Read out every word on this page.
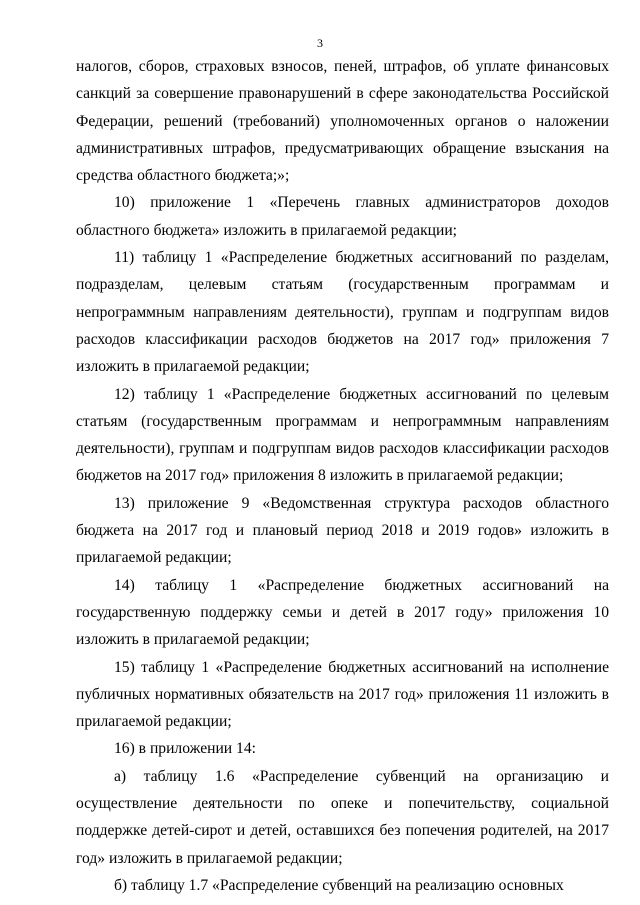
3

налогов, сборов, страховых взносов, пеней, штрафов, об уплате финансовых санкций за совершение правонарушений в сфере законодательства Российской Федерации, решений (требований) уполномоченных органов о наложении административных штрафов, предусматривающих обращение взыскания на средства областного бюджета;»;

10) приложение 1 «Перечень главных администраторов доходов областного бюджета» изложить в прилагаемой редакции;

11) таблицу 1 «Распределение бюджетных ассигнований по разделам, подразделам, целевым статьям (государственным программам и непрограммным направлениям деятельности), группам и подгруппам видов расходов классификации расходов бюджетов на 2017 год» приложения 7 изложить в прилагаемой редакции;

12) таблицу 1 «Распределение бюджетных ассигнований по целевым статьям (государственным программам и непрограммным направлениям деятельности), группам и подгруппам видов расходов классификации расходов бюджетов на 2017 год» приложения 8 изложить в прилагаемой редакции;

13) приложение 9 «Ведомственная структура расходов областного бюджета на 2017 год и плановый период 2018 и 2019 годов» изложить в прилагаемой редакции;

14) таблицу 1 «Распределение бюджетных ассигнований на государственную поддержку семьи и детей в 2017 году» приложения 10 изложить в прилагаемой редакции;

15) таблицу 1 «Распределение бюджетных ассигнований на исполнение публичных нормативных обязательств на 2017 год» приложения 11 изложить в прилагаемой редакции;

16) в приложении 14:

а) таблицу 1.6 «Распределение субвенций на организацию и осуществление деятельности по опеке и попечительству, социальной поддержке детей-сирот и детей, оставшихся без попечения родителей, на 2017 год» изложить в прилагаемой редакции;

б) таблицу 1.7 «Распределение субвенций на реализацию основных
